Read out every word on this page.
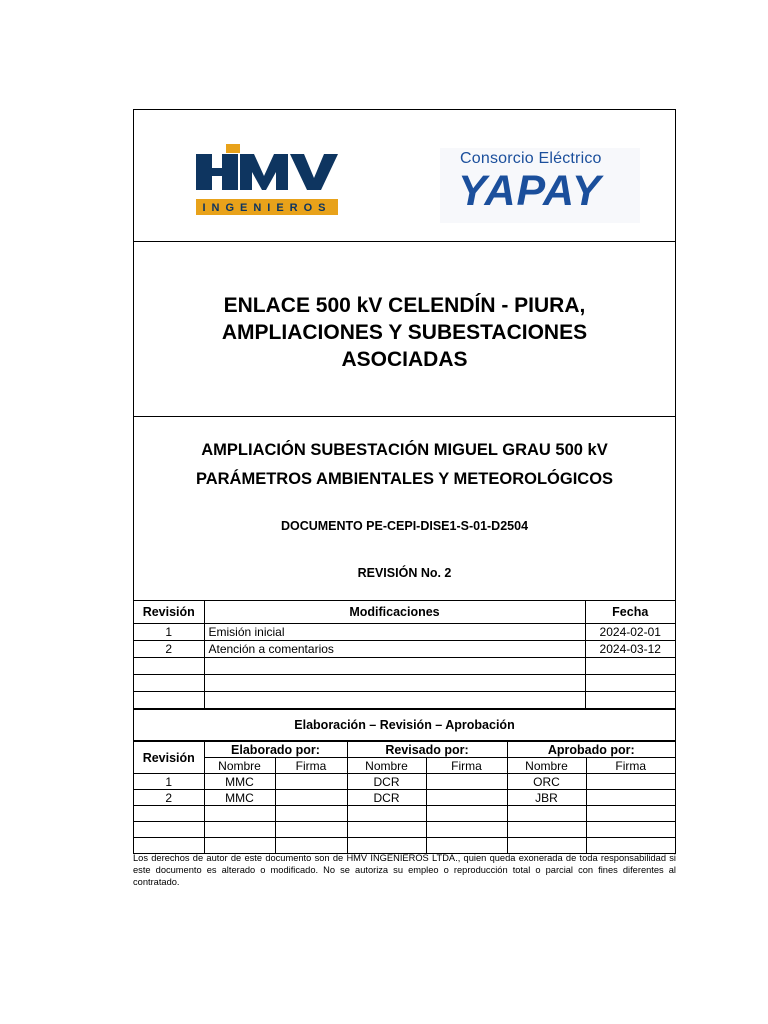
INGENIEROS
Consorcio Eléctrico
YAPAY
ENLACE 500 kV CELENDÍN - PIURA,
AMPLIACIONES Y SUBESTACIONES
ASOCIADAS
AMPLIACIÓN SUBESTACIÓN MIGUEL GRAU 500 kV
PARÁMETROS AMBIENTALES Y METEOROLÓGICOS
DOCUMENTO PE-CEPI-DISE1-S-01-D2504
REVISIÓN No. 2
Revisión	Modificaciones	Fecha
1	Emisión inicial	2024-02-01
2	Atención a comentarios	2024-03-12

Elaboración – Revisión – Aprobación
Revisión	Elaborado por:		Revisado por:		Aprobado por:	
	Nombre	Firma	Nombre	Firma	Nombre	Firma
1	MMC		DCR		ORC	
2	MMC		DCR		JBR	

Los derechos de autor de este documento son de HMV INGENIEROS LTDA., quien queda exonerada de toda responsabilidad si este documento es alterado o modificado. No se autoriza su empleo o reproducción total o parcial con fines diferentes al contratado.
